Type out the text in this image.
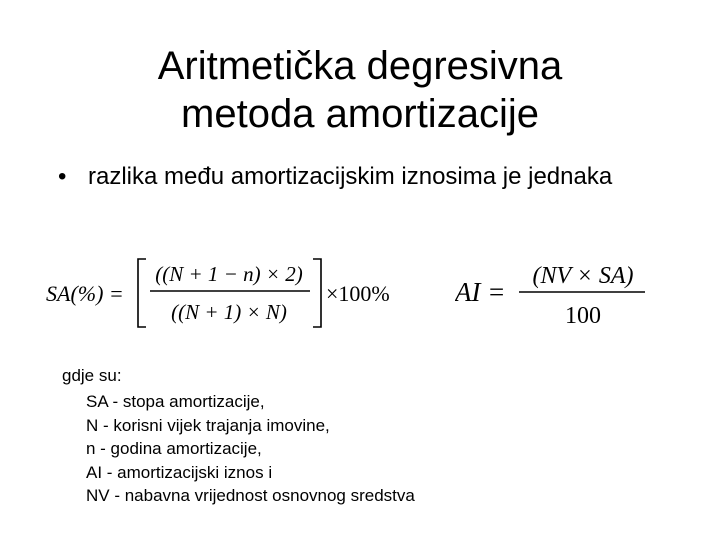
Aritmetička degresivna
metoda amortizacije
• razlika među amortizacijskim iznosima je jednaka
SA(%) =
((N + 1 − n) × 2)
((N + 1) × N)
×100% AI =
(NV × SA)
100
gdje su:
SA - stopa amortizacije,
N - korisni vijek trajanja imovine,
n - godina amortizacije,
AI - amortizacijski iznos i
NV - nabavna vrijednost osnovnog sredstva
